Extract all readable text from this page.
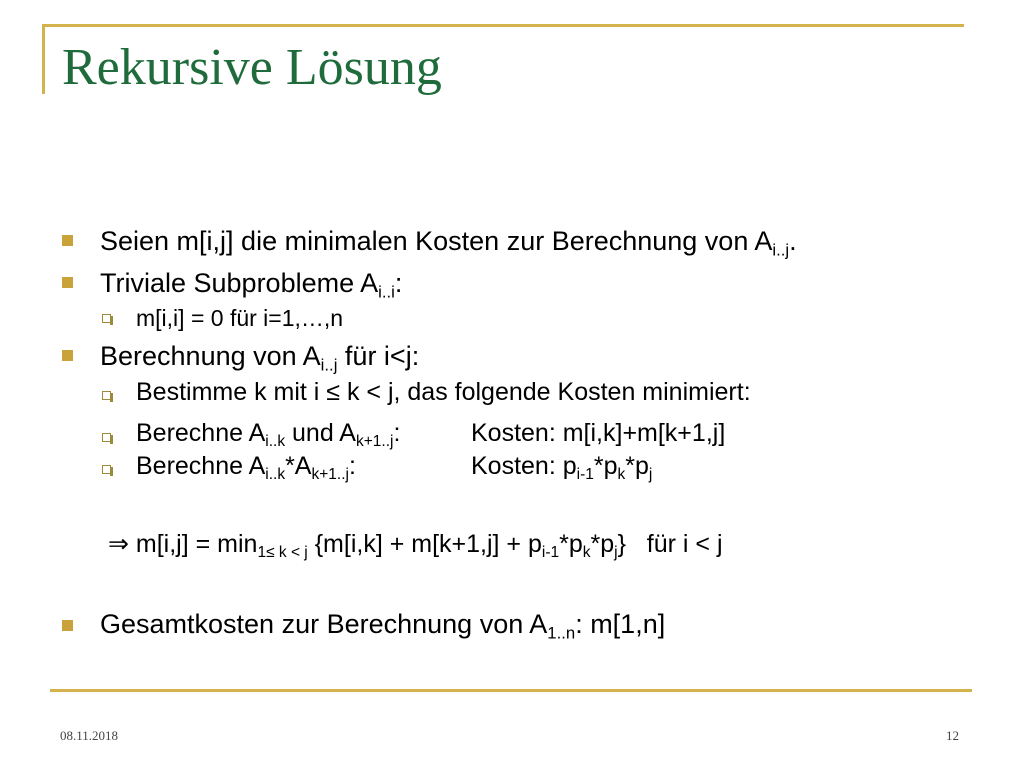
Rekursive Lösung
Seien m[i,j] die minimalen Kosten zur Berechnung von $A_{i..j}$.
Triviale Subprobleme $A_{i..i}$:
m[i,i] = 0 für i=1,…,n
Berechnung von $A_{i..j}$ für i<j:
Bestimme k mit i ≤ k < j, das folgende Kosten minimiert:
Berechne $A_{i..k}$ und $A_{k+1..j}$:	Kosten: m[i,k]+m[k+1,j]
Berechne $A_{i..k}*A_{k+1..j}$:	Kosten: $p_{i-1}*p_k*p_j$
⇒ $m[i,j] = \min_{1\le k < j} \{m[i,k] + m[k+1,j] + p_{i-1}*p_k*p_j\}$   für i < j
Gesamtkosten zur Berechnung von $A_{1..n}$: m[1,n]
08.11.2018	12
